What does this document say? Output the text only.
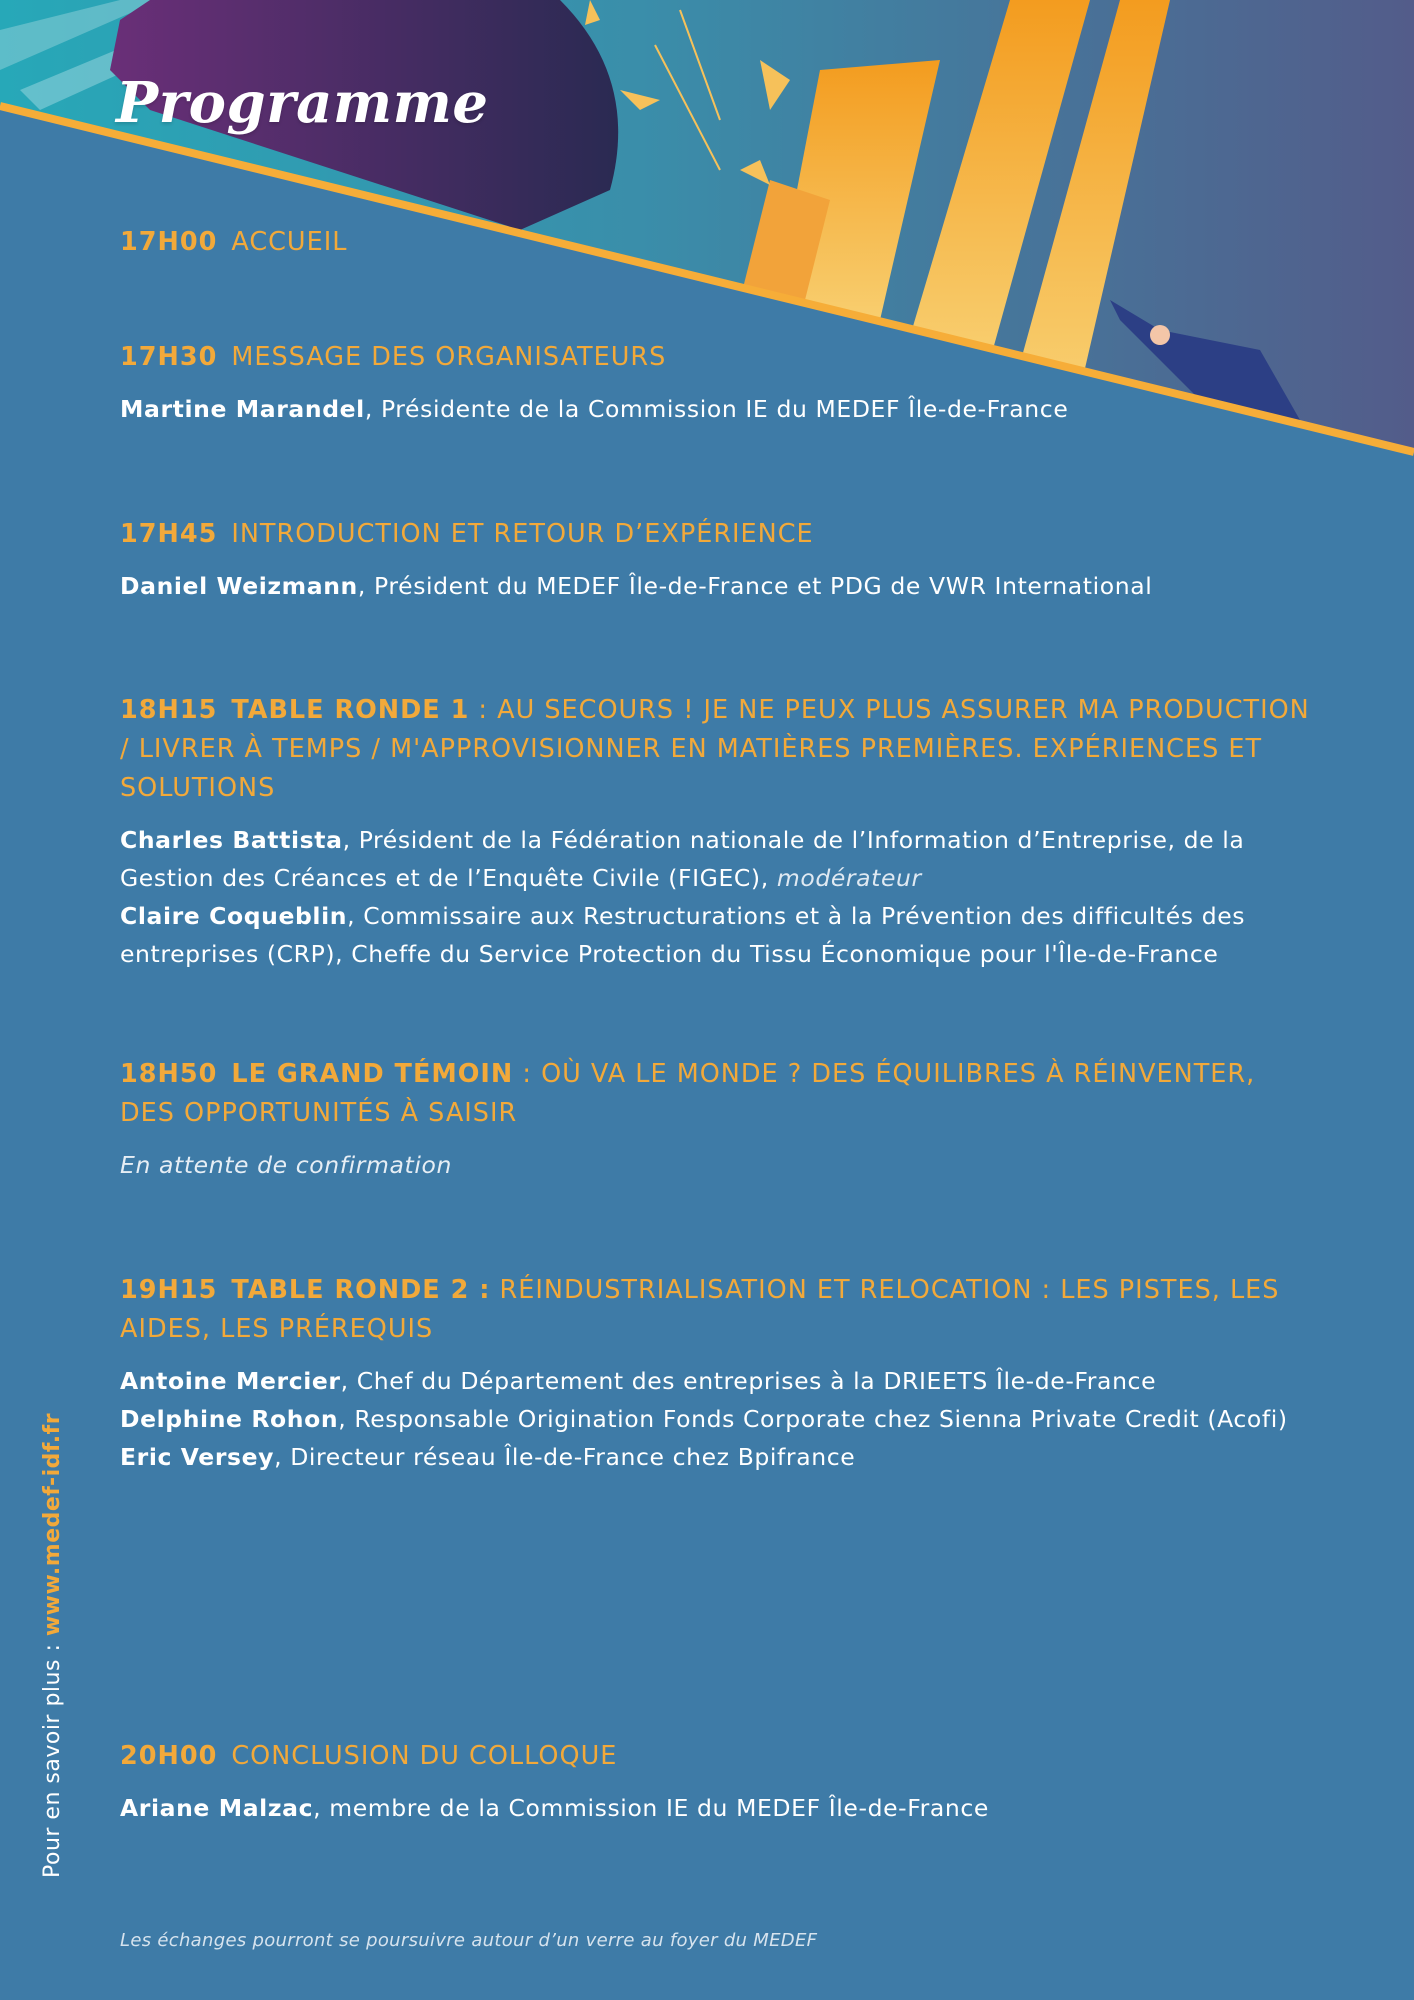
Programme

17H00 ACCUEIL

17H30 MESSAGE DES ORGANISATEURS

Martine Marandel, Présidente de la Commission IE du MEDEF Île-de-France

17H45 INTRODUCTION ET RETOUR D’EXPÉRIENCE

Daniel Weizmann, Président du MEDEF Île-de-France et PDG de VWR International

18H15 TABLE RONDE 1 : AU SECOURS ! JE NE PEUX PLUS ASSURER MA PRODUCTION / LIVRER À TEMPS / M'APPROVISIONNER EN MATIÈRES PREMIÈRES. EXPÉRIENCES ET SOLUTIONS

Charles Battista, Président de la Fédération nationale de l’Information d’Entreprise, de la Gestion des Créances et de l’Enquête Civile (FIGEC), modérateur
Claire Coqueblin, Commissaire aux Restructurations et à la Prévention des difficultés des entreprises (CRP), Cheffe du Service Protection du Tissu Économique pour l'Île-de-France

18H50 LE GRAND TÉMOIN : OÙ VA LE MONDE ? DES ÉQUILIBRES À RÉINVENTER, DES OPPORTUNITÉS À SAISIR

En attente de confirmation

19H15 TABLE RONDE 2 : RÉINDUSTRIALISATION ET RELOCATION : LES PISTES, LES AIDES, LES PRÉREQUIS

Antoine Mercier, Chef du Département des entreprises à la DRIEETS Île-de-France
Delphine Rohon, Responsable Origination Fonds Corporate chez Sienna Private Credit (Acofi)
Eric Versey, Directeur réseau Île-de-France chez Bpifrance

20H00 CONCLUSION DU COLLOQUE

Ariane Malzac, membre de la Commission IE du MEDEF Île-de-France

Les échanges pourront se poursuivre autour d’un verre au foyer du MEDEF

Pour en savoir plus : www.medef-idf.fr
